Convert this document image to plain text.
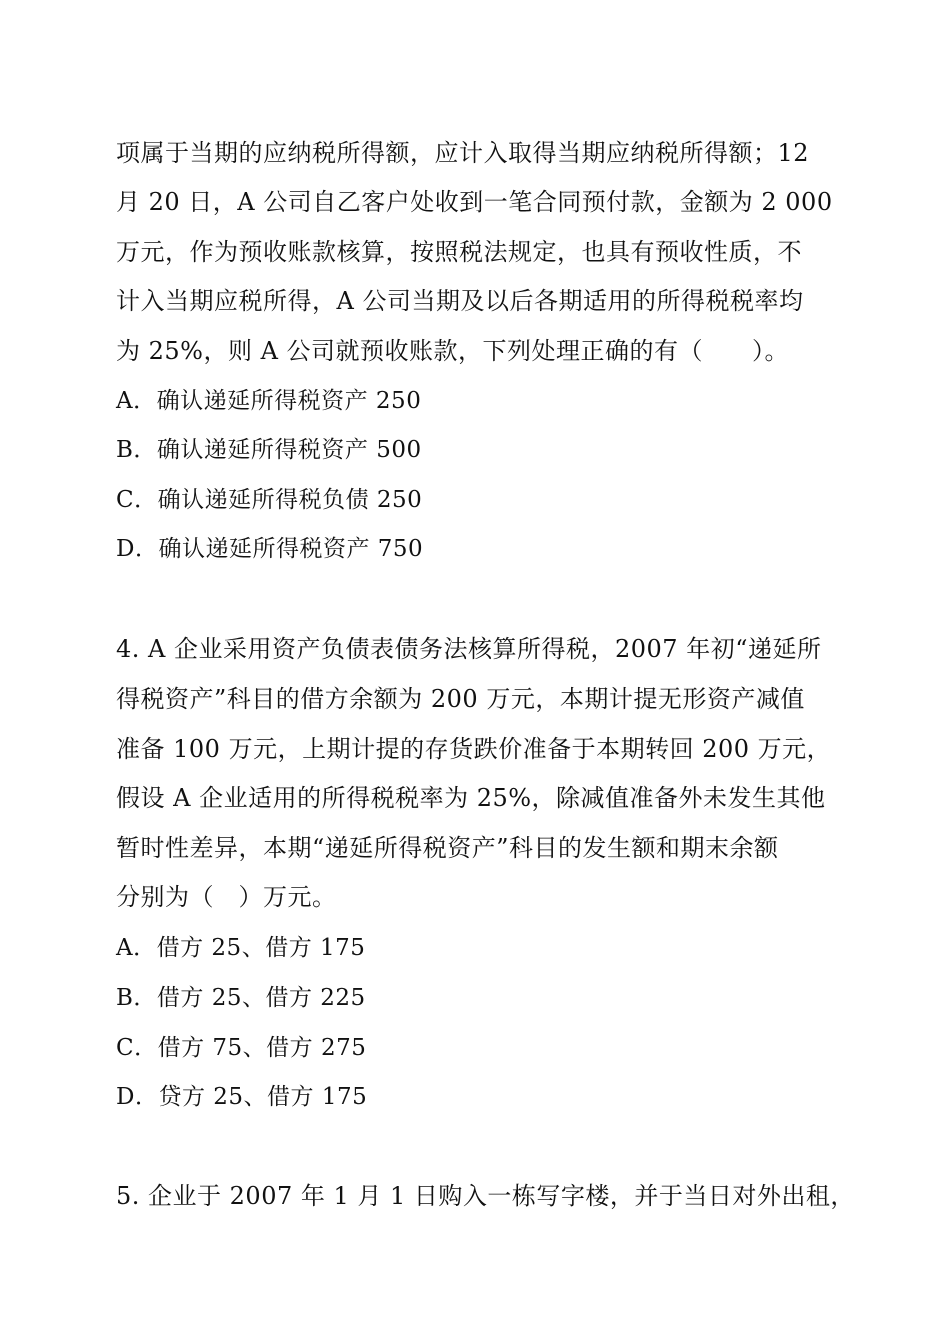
项属于当期的应纳税所得额，应计入取得当期应纳税所得额；12
月 20 日，A 公司自乙客户处收到一笔合同预付款，金额为 2 000
万元，作为预收账款核算，按照税法规定，也具有预收性质，不
计入当期应税所得，A 公司当期及以后各期适用的所得税税率均
为 25%，则 A 公司就预收账款，下列处理正确的有（　　）。
A．确认递延所得税资产 250
B．确认递延所得税资产 500
C．确认递延所得税负债 250
D．确认递延所得税资产 750
4. A 企业采用资产负债表债务法核算所得税，2007 年初“递延所
得税资产”科目的借方余额为 200 万元，本期计提无形资产减值
准备 100 万元，上期计提的存货跌价准备于本期转回 200 万元，
假设 A 企业适用的所得税税率为 25%，除减值准备外未发生其他
暂时性差异，本期“递延所得税资产”科目的发生额和期末余额
分别为（　）万元。
A．借方 25、借方 175
B．借方 25、借方 225
C．借方 75、借方 275
D．贷方 25、借方 175
5. 企业于 2007 年 1 月 1 日购入一栋写字楼，并于当日对外出租，
